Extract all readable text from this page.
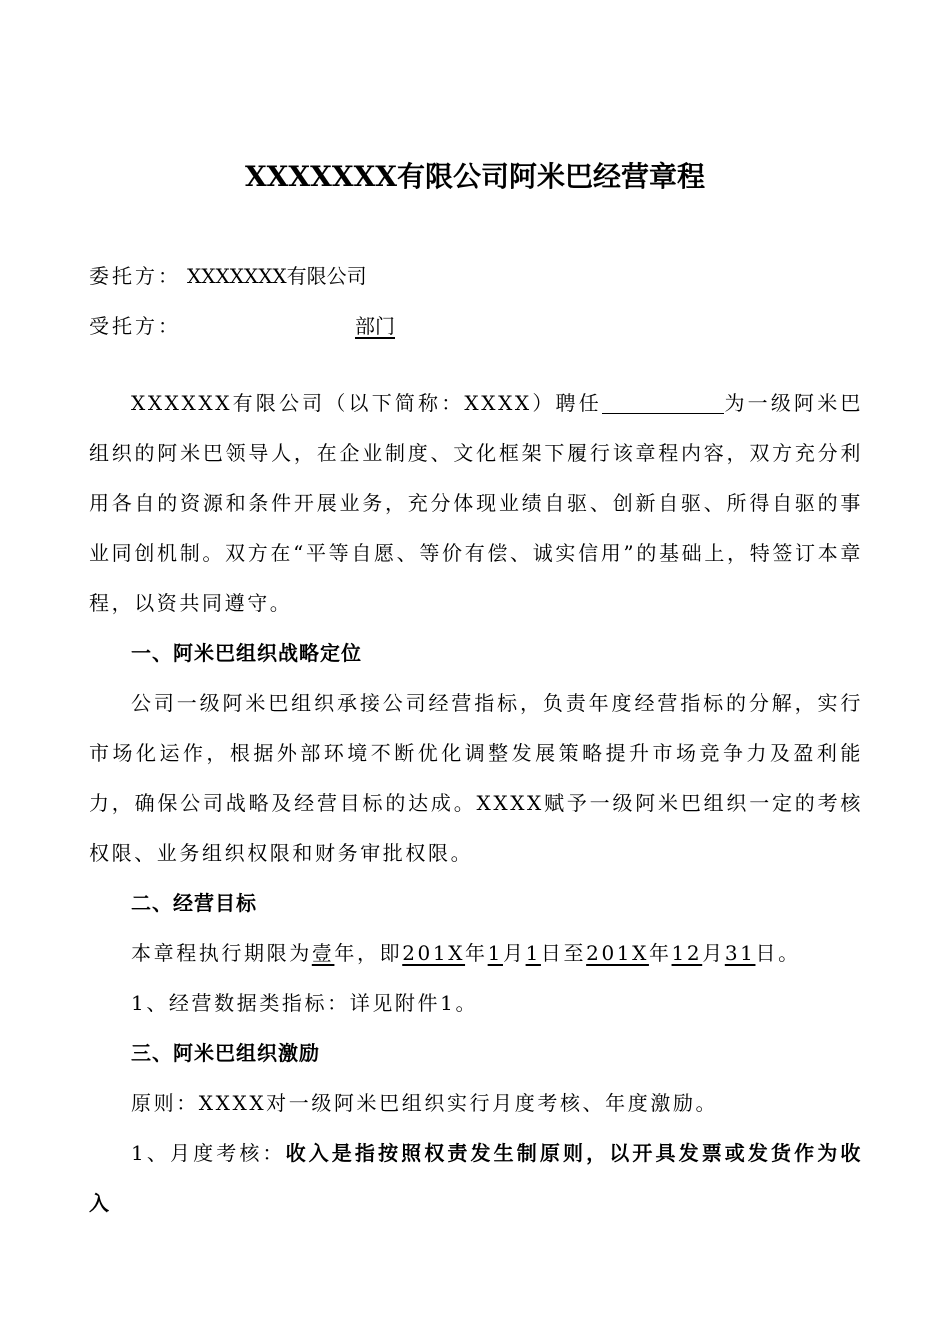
XXXXXXX有限公司阿米巴经营章程
委托方： XXXXXXX有限公司
受托方：	部门

XXXXXX有限公司（以下简称：XXXX）聘任	为一级阿米巴组织的阿米巴领导人，在企业制度、文化框架下履行该章程内容，双方充分利用各自的资源和条件开展业务，充分体现业绩自驱、创新自驱、所得自驱的事业同创机制。双方在“平等自愿、等价有偿、诚实信用”的基础上，特签订本章程，以资共同遵守。

一、阿米巴组织战略定位

公司一级阿米巴组织承接公司经营指标，负责年度经营指标的分解，实行市场化运作，根据外部环境不断优化调整发展策略提升市场竞争力及盈利能力，确保公司战略及经营目标的达成。XXXX赋予一级阿米巴组织一定的考核权限、业务组织权限和财务审批权限。

二、经营目标

本章程执行期限为壹年，即201X年1月1日至201X年12月31日。

1、经营数据类指标：详见附件1。

三、阿米巴组织激励

原则：XXXX对一级阿米巴组织实行月度考核、年度激励。

1、月度考核：收入是指按照权责发生制原则，以开具发票或发货作为收入
